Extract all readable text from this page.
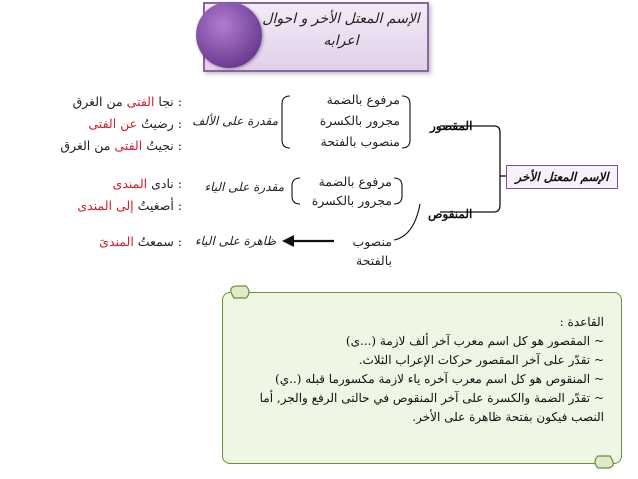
الإسم المعتل الأخر و احوال
اعرابه
الإسم المعتل الأخر
المقصور
المنقوص
مرفوع بالضمة
مجرور بالكسرة
منصوب بالفتحة
مقدرة على الألف
مرفوع بالضمة
مجرور بالكسرة
مقدرة على الياء
منصوب
بالفتحة
ظاهرة على الياء
: نجا الفتى من الغرق
: رضيتُ عن الفتى
: نجيتُ الفتى من الغرق
: نادى المندى
: أصغيتُ إلى المندى
: سمعتُ المندىَ
القاعدة :
~ المقصور هو كل اسم معرب آخر ألف لازمة (...ى)
~ تقدّر على آخر المقصور حركات الإعراب الثلاث.
~ المنقوص هو كل اسم معرب آخره ياء لازمة مكسورما قبله (..ي)
~ تقدّر الضمة والكسرة على آخر المنقوص في حالتى الرفع والجر, أما
النصب فيكون بفتحة ظاهرة على الأخر.
